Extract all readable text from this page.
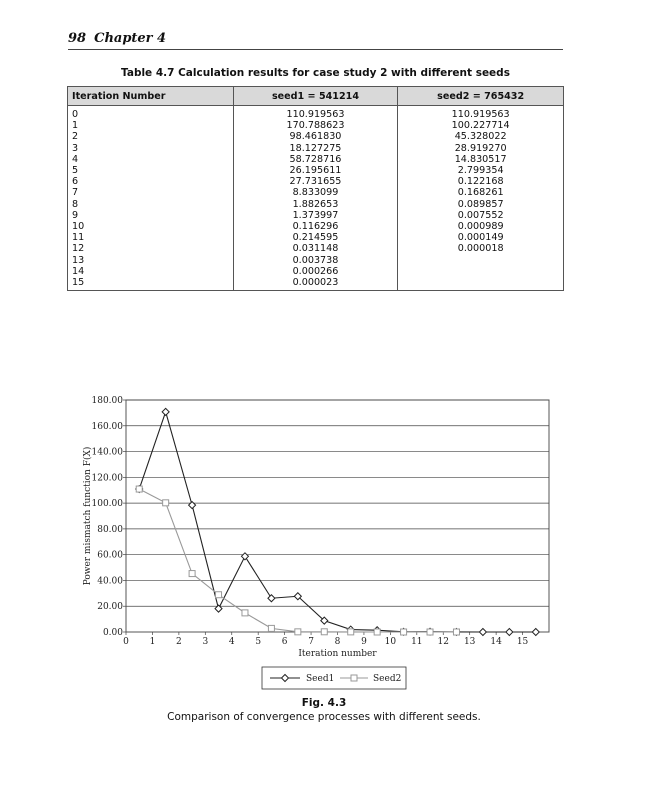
98 Chapter 4
Table 4.7 Calculation results for case study 2 with different seeds
Iteration Number	seed1 = 541214	seed2 = 765432
0	110.919563	110.919563
1	170.788623	100.227714
2	98.461830	45.328022
3	18.127275	28.919270
4	58.728716	14.830517
5	26.195611	2.799354
6	27.731655	0.122168
7	8.833099	0.168261
8	1.882653	0.089857
9	1.373997	0.007552
10	0.116296	0.000989
11	0.214595	0.000149
12	0.031148	0.000018
13	0.003738	
14	0.000266	
15	0.000023	
0.00
20.00
40.00
60.00
80.00
100.00
120.00
140.00
160.00
180.00
0 1 2 3 4 5 6 7 8 9 10 11 12 13 14 15
Iteration number
Power mismatch function F(X)
Seed1	Seed2
Fig. 4.3
Comparison of convergence processes with different seeds.
